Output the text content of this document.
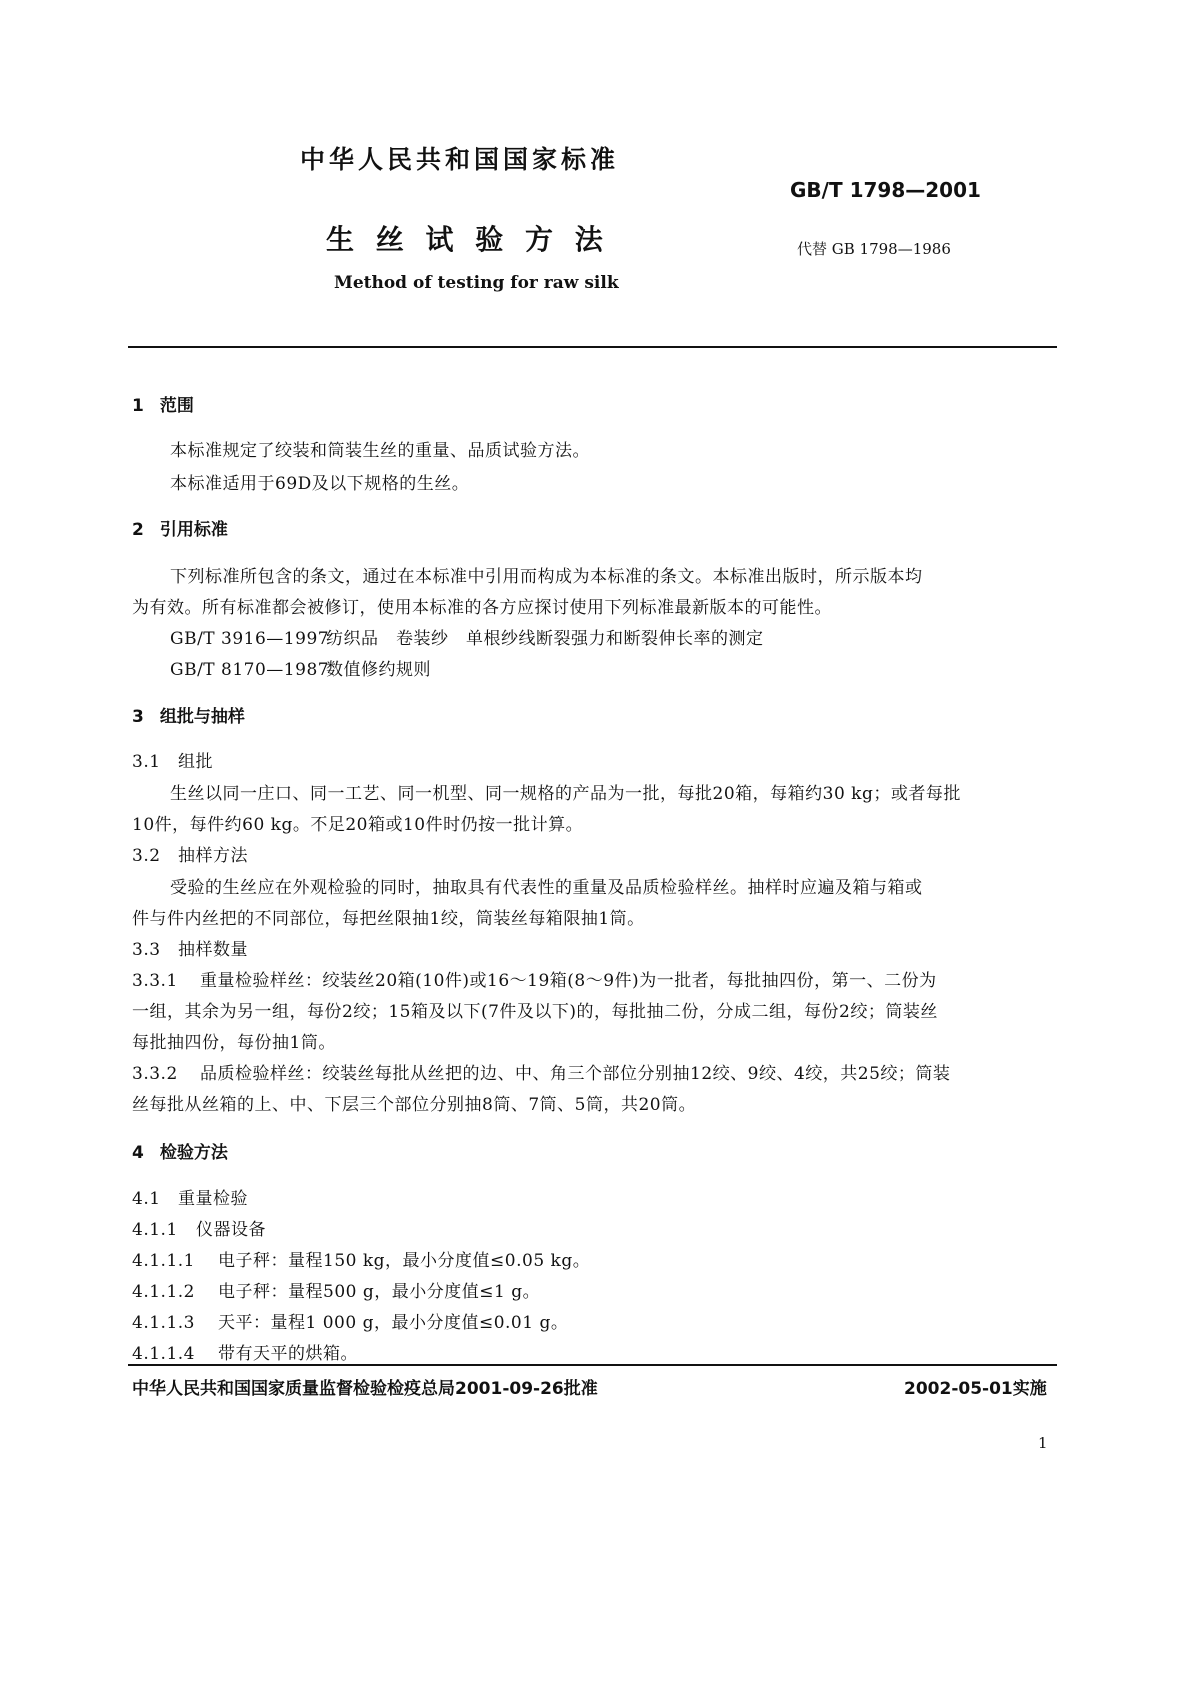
中华人民共和国国家标准
GB/T 1798—2001
生 丝 试 验 方 法	代替 GB 1798—1986
Method of testing for raw silk
1 范围
本标准规定了绞装和筒装生丝的重量、品质试验方法。
本标准适用于69D及以下规格的生丝。
2 引用标准
下列标准所包含的条文，通过在本标准中引用而构成为本标准的条文。本标准出版时，所示版本均
为有效。所有标准都会被修订，使用本标准的各方应探讨使用下列标准最新版本的可能性。
GB/T 3916—1997纺织品　卷装纱　单根纱线断裂强力和断裂伸长率的测定
GB/T 8170—1987数值修约规则
3 组批与抽样
3.1 组批
生丝以同一庄口、同一工艺、同一机型、同一规格的产品为一批，每批20箱，每箱约30 kg；或者每批
10件，每件约60 kg。不足20箱或10件时仍按一批计算。
3.2 抽样方法
受验的生丝应在外观检验的同时，抽取具有代表性的重量及品质检验样丝。抽样时应遍及箱与箱或
件与件内丝把的不同部位，每把丝限抽1绞，筒装丝每箱限抽1筒。
3.3 抽样数量
3.3.1 重量检验样丝：绞装丝20箱(10件)或16～19箱(8～9件)为一批者，每批抽四份，第一、二份为
一组，其余为另一组，每份2绞；15箱及以下(7件及以下)的，每批抽二份，分成二组，每份2绞；筒装丝
每批抽四份，每份抽1筒。
3.3.2 品质检验样丝：绞装丝每批从丝把的边、中、角三个部位分别抽12绞、9绞、4绞，共25绞；筒装
丝每批从丝箱的上、中、下层三个部位分别抽8筒、7筒、5筒，共20筒。
4 检验方法
4.1 重量检验
4.1.1 仪器设备
4.1.1.1 电子秤：量程150 kg，最小分度值≤0.05 kg。
4.1.1.2 电子秤：量程500 g，最小分度值≤1 g。
4.1.1.3 天平：量程1 000 g，最小分度值≤0.01 g。
4.1.1.4 带有天平的烘箱。
中华人民共和国国家质量监督检验检疫总局2001-09-26批准	2002-05-01实施
1
